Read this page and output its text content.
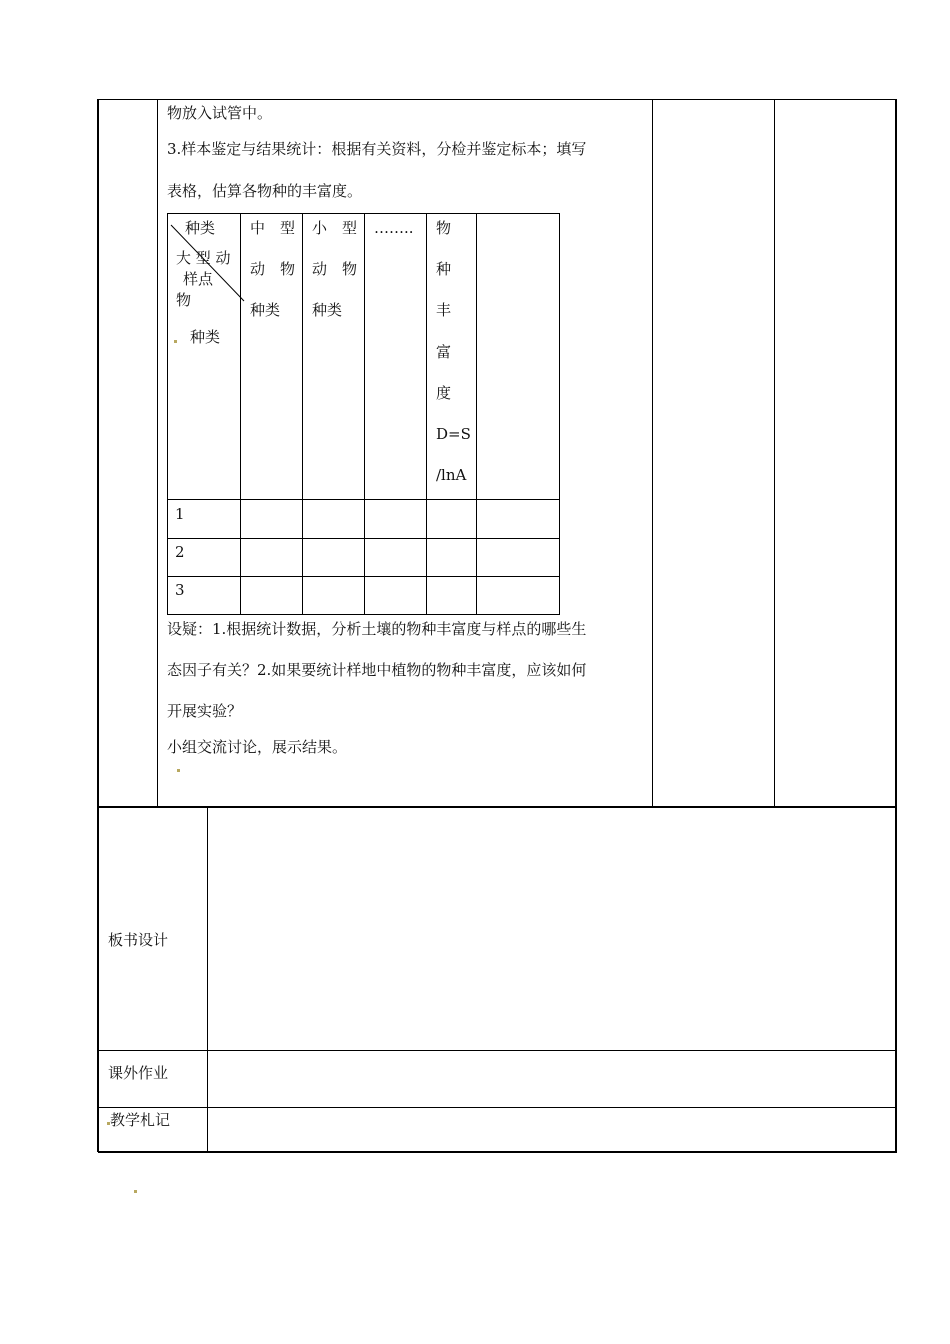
物放入试管中。
3.样本鉴定与结果统计：根据有关资料，分检并鉴定标本；填写
表格，估算各物种的丰富度。
种类
大 型 动
样点
物
种类
中　型
动　物
种类
小　型
动　物
种类
…….. 物
种
丰
富
度
D=S
/lnA
1
2
3
设疑：1.根据统计数据，分析土壤的物种丰富度与样点的哪些生
态因子有关？2.如果要统计样地中植物的物种丰富度，应该如何
开展实验？
小组交流讨论，展示结果。
板书设计
课外作业
教学札记
